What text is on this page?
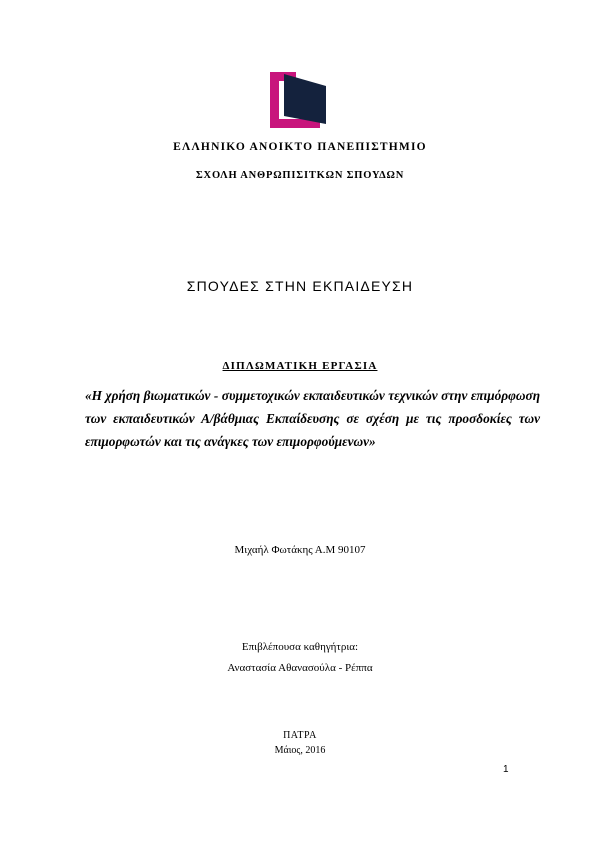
ΕΛΛΗΝΙΚΟ ΑΝΟΙΚΤΟ ΠΑΝΕΠΙΣΤΗΜΙΟ
ΣΧΟΛΗ ΑΝΘΡΩΠΙΣΙΤΚΩΝ ΣΠΟΥΔΩΝ
ΣΠΟΥΔΕΣ ΣΤΗΝ ΕΚΠΑΙΔΕΥΣΗ
ΔΙΠΛΩΜΑΤΙΚΗ ΕΡΓΑΣΙΑ
«Η χρήση βιωματικών - συμμετοχικών εκπαιδευτικών τεχνικών στην επιμόρφωση των εκπαιδευτικών Α/βάθμιας Εκπαίδευσης σε σχέση με τις προσδοκίες των επιμορφωτών και τις ανάγκες των επιμορφούμενων»
Μιχαήλ Φωτάκης Α.Μ 90107
Επιβλέπουσα καθηγήτρια:
Αναστασία Αθανασούλα - Ρέππα
ΠΑΤΡΑ
Μάιος, 2016
1
